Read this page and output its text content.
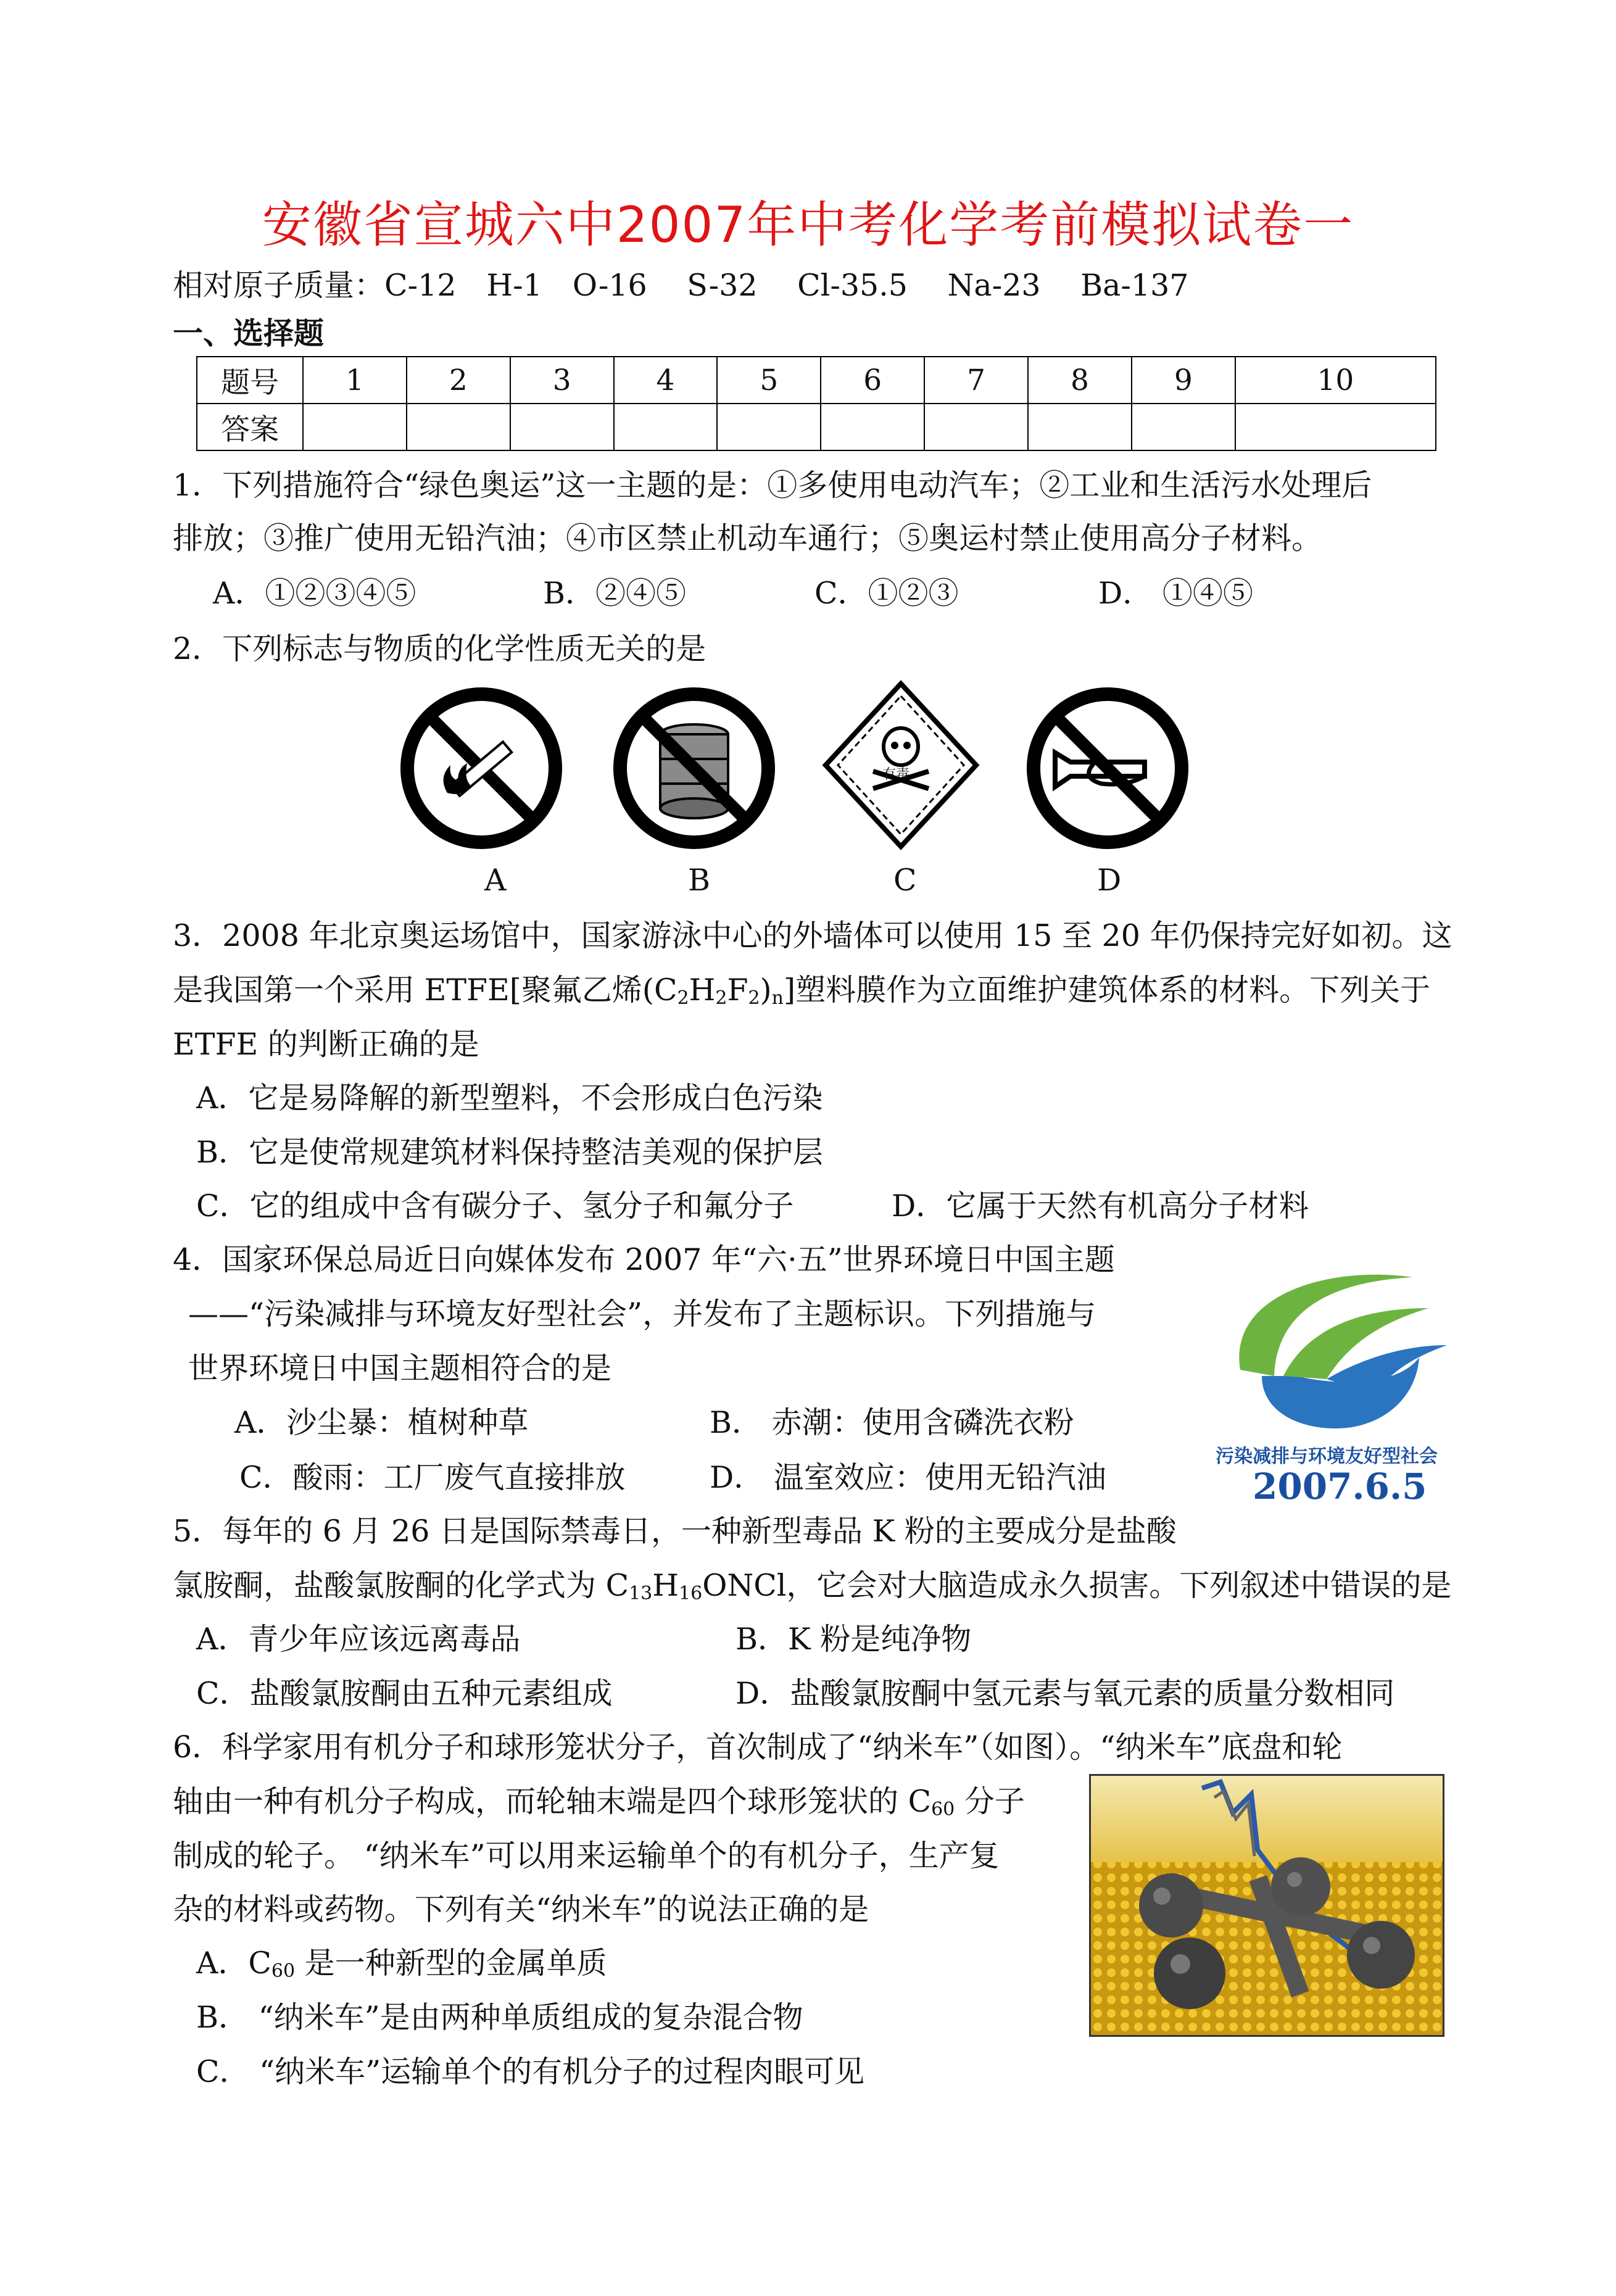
安徽省宣城六中2007年中考化学考前模拟试卷一
相对原子质量：C-12　H-1　O-16　 S-32　 Cl-35.5　 Na-23　 Ba-137
一、选择题
题号	1	2	3	4	5	6	7	8	9	10
答案										
1．下列措施符合“绿色奥运”这一主题的是：①多使用电动汽车；②工业和生活污水处理后
排放；③推广使用无铅汽油；④市区禁止机动车通行；⑤奥运村禁止使用高分子材料。
A．①②③④⑤	B．②④⑤	C．①②③	D． ①④⑤
2．下列标志与物质的化学性质无关的是
有毒
A	B	C	D
3．2008 年北京奥运场馆中，国家游泳中心的外墙体可以使用 15 至 20 年仍保持完好如初。这
是我国第一个采用 ETFE[聚氟乙烯$(C_2H_2F_2)_n$]塑料膜作为立面维护建筑体系的材料。下列关于
ETFE 的判断正确的是
A．它是易降解的新型塑料，不会形成白色污染
B．它是使常规建筑材料保持整洁美观的保护层
C．它的组成中含有碳分子、氢分子和氟分子	D．它属于天然有机高分子材料
4．国家环保总局近日向媒体发布 2007 年“六·五”世界环境日中国主题
——“污染减排与环境友好型社会”，并发布了主题标识。下列措施与
世界环境日中国主题相符合的是
A．沙尘暴：植树种草	B． 赤潮：使用含磷洗衣粉
C．酸雨：工厂废气直接排放	D． 温室效应：使用无铅汽油
污染减排与环境友好型社会
2007.6.5
5．每年的 6 月 26 日是国际禁毒日，一种新型毒品 K 粉的主要成分是盐酸
氯胺酮，盐酸氯胺酮的化学式为 $C_{13}H_{16}ONCl$，它会对大脑造成永久损害。下列叙述中错误的是
A．青少年应该远离毒品	B．K 粉是纯净物
C．盐酸氯胺酮由五种元素组成	D．盐酸氯胺酮中氢元素与氧元素的质量分数相同
6．科学家用有机分子和球形笼状分子，首次制成了“纳米车”（如图）。“纳米车”底盘和轮
轴由一种有机分子构成，而轮轴末端是四个球形笼状的 $C_{60}$ 分子
制成的轮子。 “纳米车”可以用来运输单个的有机分子，生产复
杂的材料或药物。下列有关“纳米车”的说法正确的是
A．$C_{60}$ 是一种新型的金属单质
B． “纳米车”是由两种单质组成的复杂混合物
C． “纳米车”运输单个的有机分子的过程肉眼可见
